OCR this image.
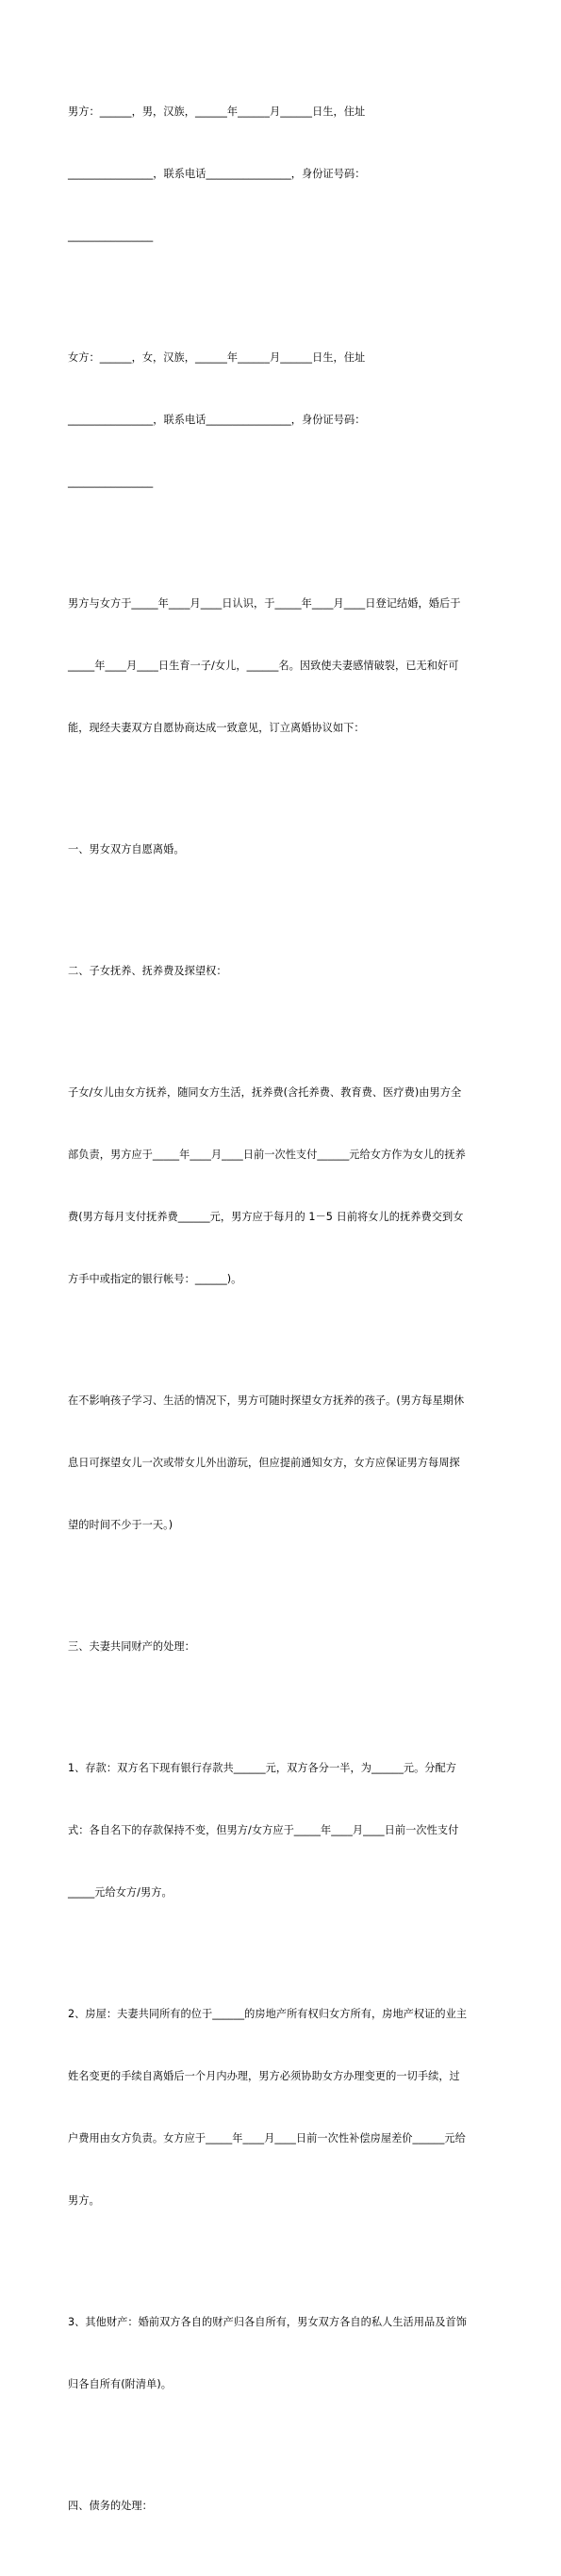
男方：______，男，汉族，______年______月______日生，住址

________________，联系电话________________，身份证号码：

________________

女方：______，女，汉族，______年______月______日生，住址

________________，联系电话________________，身份证号码：

________________

男方与女方于_____年____月____日认识，于_____年____月____日登记结婚，婚后于

_____年____月____日生育一子/女儿，______名。因致使夫妻感情破裂，已无和好可

能，现经夫妻双方自愿协商达成一致意见，订立离婚协议如下：

一、男女双方自愿离婚。

二、子女抚养、抚养费及探望权：

子女/女儿由女方抚养，随同女方生活，抚养费(含托养费、教育费、医疗费)由男方全

部负责，男方应于_____年____月____日前一次性支付______元给女方作为女儿的抚养

费(男方每月支付抚养费______元，男方应于每月的 1－5 日前将女儿的抚养费交到女

方手中或指定的银行帐号：______)。

在不影响孩子学习、生活的情况下，男方可随时探望女方抚养的孩子。(男方每星期休

息日可探望女儿一次或带女儿外出游玩，但应提前通知女方，女方应保证男方每周探

望的时间不少于一天。)

三、夫妻共同财产的处理：

1、存款：双方名下现有银行存款共______元，双方各分一半，为______元。分配方

式：各自名下的存款保持不变，但男方/女方应于_____年____月____日前一次性支付

_____元给女方/男方。

2、房屋：夫妻共同所有的位于______的房地产所有权归女方所有，房地产权证的业主

姓名变更的手续自离婚后一个月内办理，男方必须协助女方办理变更的一切手续，过

户费用由女方负责。女方应于_____年____月____日前一次性补偿房屋差价______元给

男方。

3、其他财产：婚前双方各自的财产归各自所有，男女双方各自的私人生活用品及首饰

归各自所有(附清单)。

四、债务的处理：
